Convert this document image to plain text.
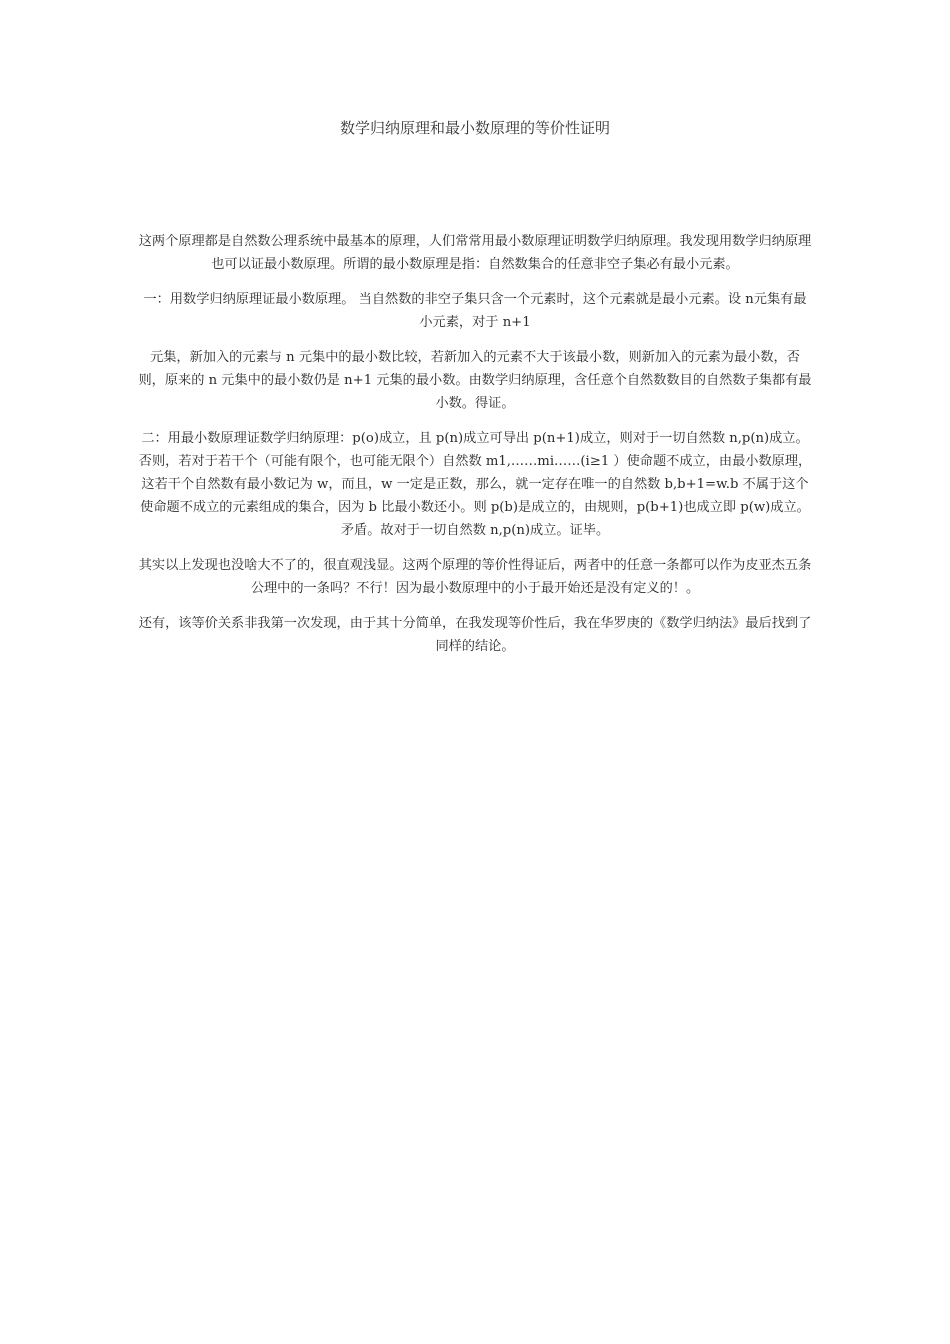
数学归纳原理和最小数原理的等价性证明

这两个原理都是自然数公理系统中最基本的原理，人们常常用最小数原理证明数学归纳原理。我发现用数学归纳原理也可以证最小数原理。所谓的最小数原理是指：自然数集合的任意非空子集必有最小元素。

一：用数学归纳原理证最小数原理。 当自然数的非空子集只含一个元素时，这个元素就是最小元素。设 n元集有最小元素，对于 n+1

元集，新加入的元素与 n 元集中的最小数比较，若新加入的元素不大于该最小数，则新加入的元素为最小数，否则，原来的 n 元集中的最小数仍是 n+1 元集的最小数。由数学归纳原理，含任意个自然数数目的自然数子集都有最小数。得证。

二：用最小数原理证数学归纳原理：p(o)成立，且 p(n)成立可导出 p(n+1)成立，则对于一切自然数 n,p(n)成立。否则，若对于若干个（可能有限个，也可能无限个）自然数 m1,……mi……(i≥1 ）使命题不成立，由最小数原理，这若干个自然数有最小数记为 w，而且，w 一定是正数，那么，就一定存在唯一的自然数 b,b+1=w.b 不属于这个使命题不成立的元素组成的集合，因为 b 比最小数还小。则 p(b)是成立的，由规则，p(b+1)也成立即 p(w)成立。矛盾。故对于一切自然数 n,p(n)成立。证毕。

其实以上发现也没啥大不了的，很直观浅显。这两个原理的等价性得证后，两者中的任意一条都可以作为皮亚杰五条公理中的一条吗？不行！因为最小数原理中的小于最开始还是没有定义的！。

还有，该等价关系非我第一次发现，由于其十分简单，在我发现等价性后，我在华罗庚的《数学归纳法》最后找到了同样的结论。
